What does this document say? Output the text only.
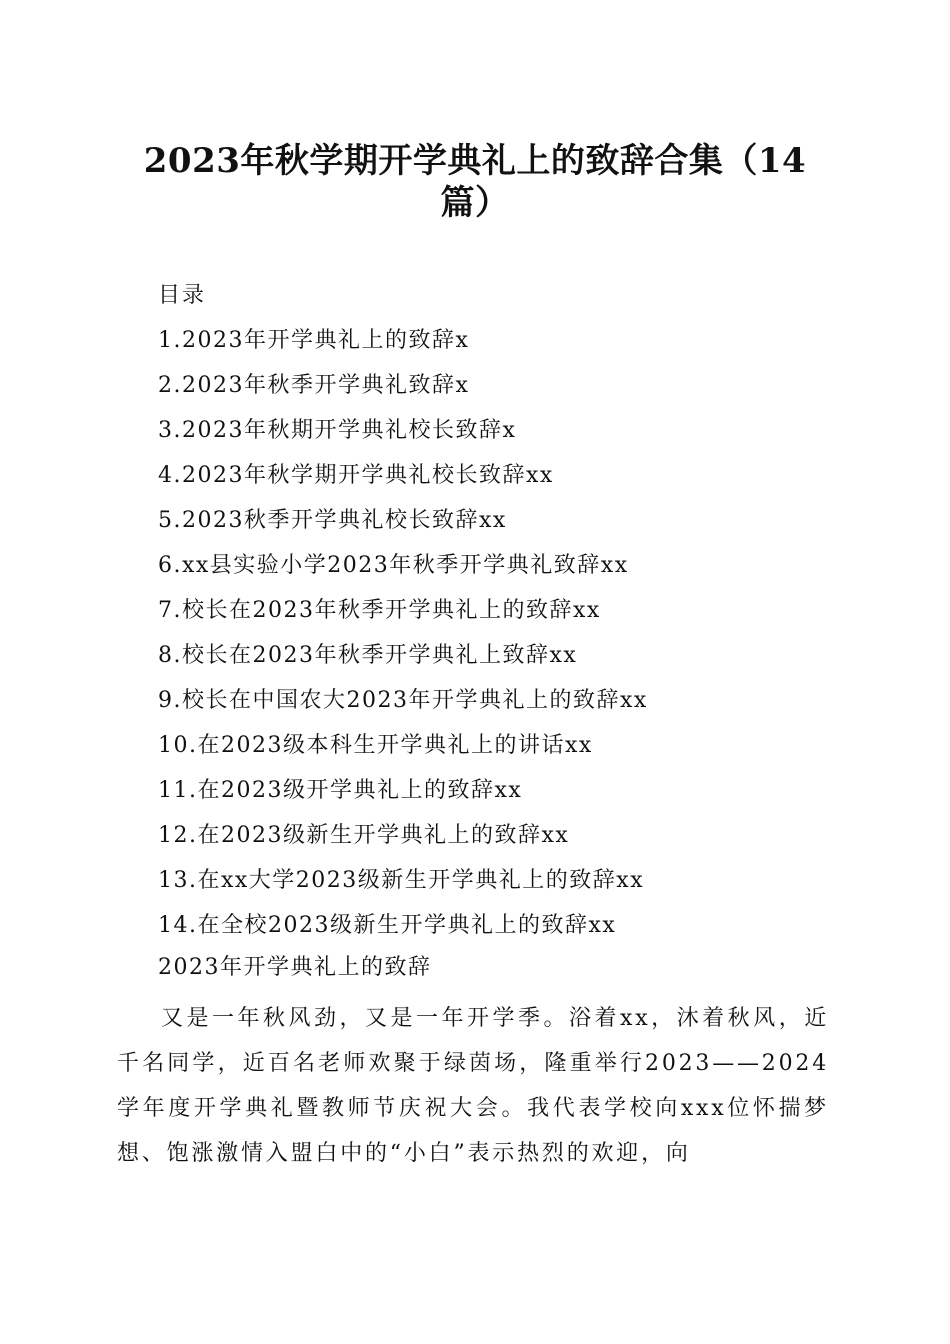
2023年秋学期开学典礼上的致辞合集（14篇）
目录
1.2023年开学典礼上的致辞x
2.2023年秋季开学典礼致辞x
3.2023年秋期开学典礼校长致辞x
4.2023年秋学期开学典礼校长致辞xx
5.2023秋季开学典礼校长致辞xx
6.xx县实验小学2023年秋季开学典礼致辞xx
7.校长在2023年秋季开学典礼上的致辞xx
8.校长在2023年秋季开学典礼上致辞xx
9.校长在中国农大2023年开学典礼上的致辞xx
10.在2023级本科生开学典礼上的讲话xx
11.在2023级开学典礼上的致辞xx
12.在2023级新生开学典礼上的致辞xx
13.在xx大学2023级新生开学典礼上的致辞xx
14.在全校2023级新生开学典礼上的致辞xx
2023年开学典礼上的致辞

又是一年秋风劲，又是一年开学季。浴着xx，沐着秋风，近千名同学，近百名老师欢聚于绿茵场，隆重举行2023——2024学年度开学典礼暨教师节庆祝大会。我代表学校向xxx位怀揣梦想、饱涨激情入盟白中的“小白”表示热烈的欢迎，向
